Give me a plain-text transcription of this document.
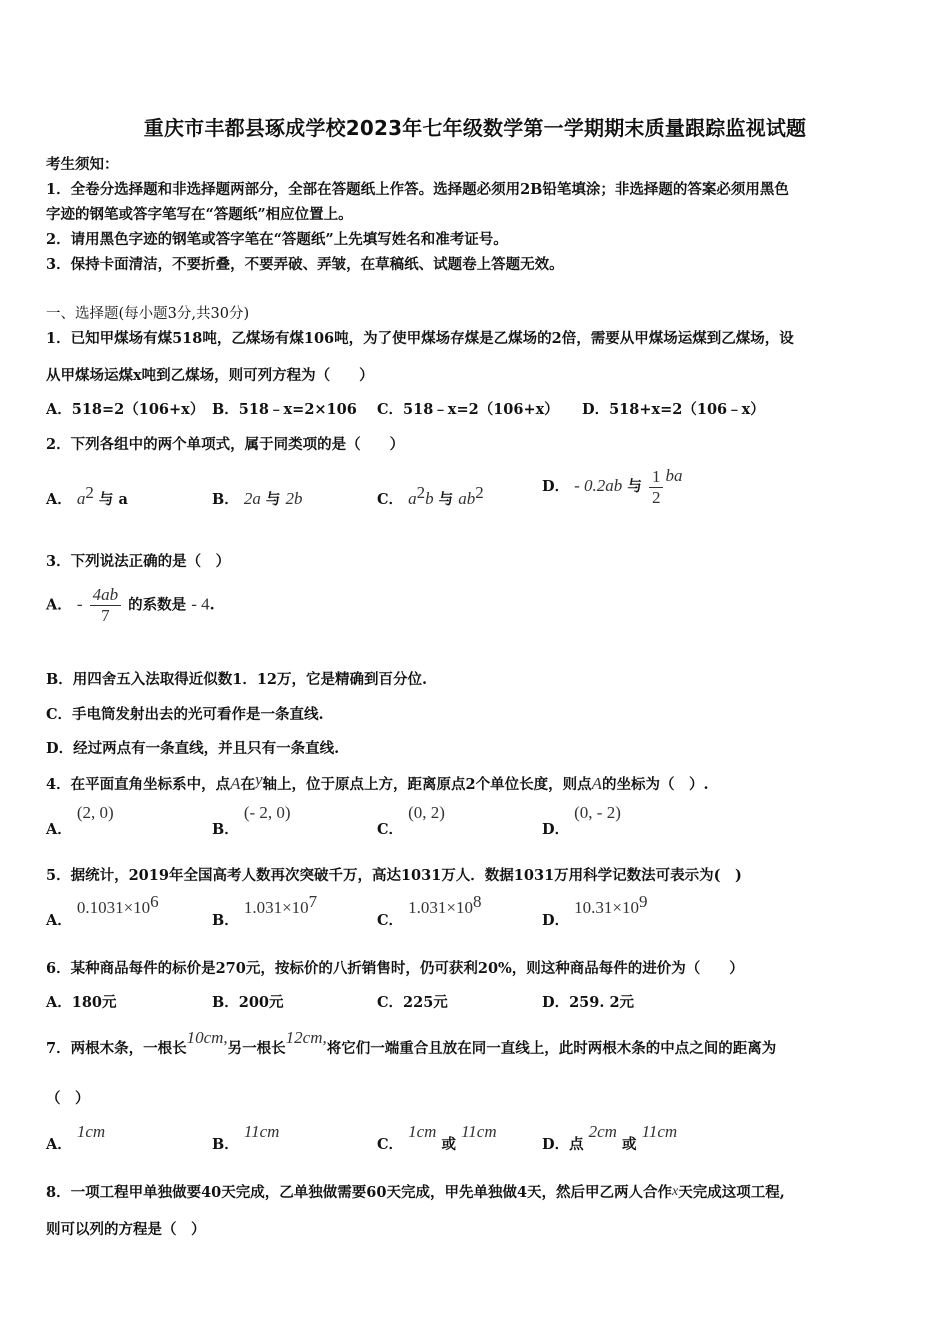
重庆市丰都县琢成学校2023年七年级数学第一学期期末质量跟踪监视试题
考生须知：
1．全卷分选择题和非选择题两部分，全部在答题纸上作答。选择题必须用2B铅笔填涂；非选择题的答案必须用黑色
字迹的钢笔或答字笔写在“答题纸”相应位置上。
2．请用黑色字迹的钢笔或答字笔在“答题纸”上先填写姓名和准考证号。
3．保持卡面清洁，不要折叠，不要弄破、弄皱，在草稿纸、试题卷上答题无效。
一、选择题(每小题3分,共30分)
1．已知甲煤场有煤518吨，乙煤场有煤106吨，为了使甲煤场存煤是乙煤场的2倍，需要从甲煤场运煤到乙煤场，设
从甲煤场运煤x吨到乙煤场，则可列方程为（　　）
A．518=2（106+x） B．518﹣x=2×106 C．518﹣x=2（106+x） D．518+x=2（106﹣x）
2．下列各组中的两个单项式，属于同类项的是（　　）
A． $a^2$ 与 a	B． 2a 与 2b	C． $a^2b$ 与 $ab^2$	D． - 0.2ab 与 $\frac{1}{2}$ ba
3．下列说法正确的是（　）
A． - $\frac{4ab}{7}$ 的系数是 - 4.
B．用四舍五入法取得近似数1．12万，它是精确到百分位.
C．手电筒发射出去的光可看作是一条直线.
D．经过两点有一条直线，并且只有一条直线.
4．在平面直角坐标系中，点A在y轴上，位于原点上方，距离原点2个单位长度，则点A的坐标为（　）.
A． (2, 0)
B． (- 2, 0)
C． (0, 2)
D． (0, - 2)
5．据统计，2019年全国高考人数再次突破千万，高达1031万人．数据1031万用科学记数法可表示为(　)
A． $0.1031\times 10^6$
B． $1.031\times 10^7$
C． $1.031\times 10^8$
D． $10.31\times 10^9$
6．某种商品每件的标价是270元，按标价的八折销售时，仍可获利20%，则这种商品每件的进价为（　　）
A．180元	B．200元	C．225元	D．259. 2元
7．两根木条，一根长10cm,另一根长12cm,将它们一端重合且放在同一直线上，此时两根木条的中点之间的距离为
（　）
A． 1cm
B． 11cm
C． 1cm 或 11cm
D．点 2cm 或 11cm
8．一项工程甲单独做要40天完成，乙单独做需要60天完成，甲先单独做4天，然后甲乙两人合作x天完成这项工程,
则可以列的方程是（　）
